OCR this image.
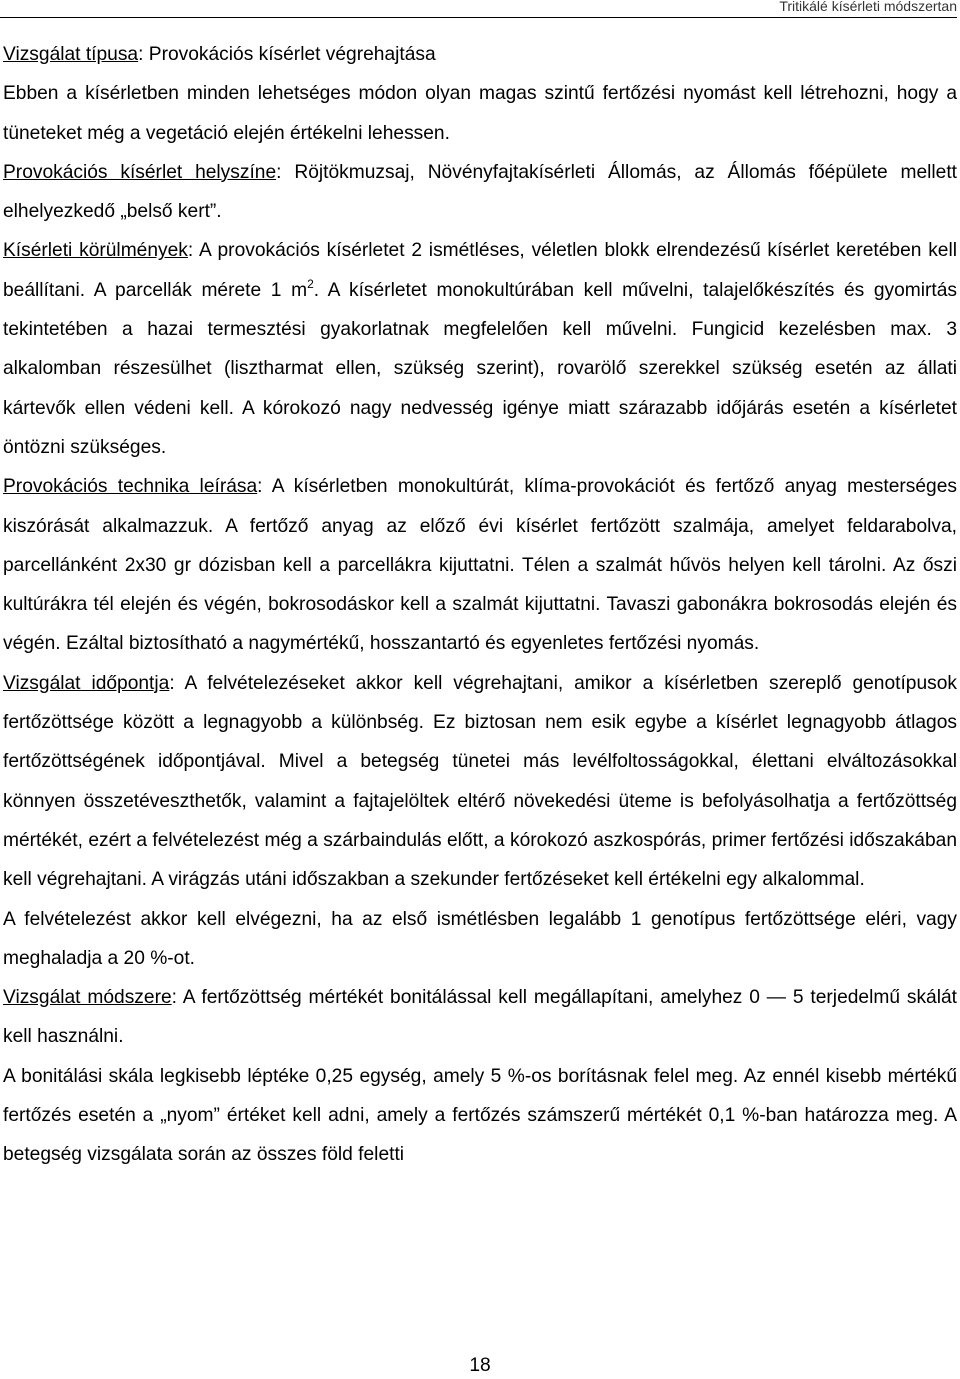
Tritikálé kísérleti módszertan

Vizsgálat típusa: Provokációs kísérlet végrehajtása

Ebben a kísérletben minden lehetséges módon olyan magas szintű fertőzési nyomást kell létrehozni, hogy a tüneteket még a vegetáció elején értékelni lehessen.

Provokációs kísérlet helyszíne: Röjtökmuzsaj, Növényfajtakísérleti Állomás, az Állomás főépülete mellett elhelyezkedő „belső kert”.

Kísérleti körülmények: A provokációs kísérletet 2 ismétléses, véletlen blokk elrendezésű kísérlet keretében kell beállítani. A parcellák mérete 1 $m^2$. A kísérletet monokultúrában kell művelni, talajelőkészítés és gyomirtás tekintetében a hazai termesztési gyakorlatnak megfelelően kell művelni. Fungicid kezelésben max. 3 alkalomban részesülhet (lisztharmat ellen, szükség szerint), rovarölő szerekkel szükség esetén az állati kártevők ellen védeni kell. A kórokozó nagy nedvesség igénye miatt szárazabb időjárás esetén a kísérletet öntözni szükséges.

Provokációs technika leírása: A kísérletben monokultúrát, klíma-provokációt és fertőző anyag mesterséges kiszórását alkalmazzuk. A fertőző anyag az előző évi kísérlet fertőzött szalmája, amelyet feldarabolva, parcellánként 2x30 gr dózisban kell a parcellákra kijuttatni. Télen a szalmát hűvös helyen kell tárolni. Az őszi kultúrákra tél elején és végén, bokrosodáskor kell a szalmát kijuttatni. Tavaszi gabonákra bokrosodás elején és végén. Ezáltal biztosítható a nagymértékű, hosszantartó és egyenletes fertőzési nyomás.

Vizsgálat időpontja: A felvételezéseket akkor kell végrehajtani, amikor a kísérletben szereplő genotípusok fertőzöttsége között a legnagyobb a különbség. Ez biztosan nem esik egybe a kísérlet legnagyobb átlagos fertőzöttségének időpontjával. Mivel a betegség tünetei más levélfoltosságokkal, élettani elváltozásokkal könnyen összetéveszthetők, valamint a fajtajelöltek eltérő növekedési üteme is befolyásolhatja a fertőzöttség mértékét, ezért a felvételezést még a szárbaindulás előtt, a kórokozó aszkospórás, primer fertőzési időszakában kell végrehajtani. A virágzás utáni időszakban a szekunder fertőzéseket kell értékelni egy alkalommal.

A felvételezést akkor kell elvégezni, ha az első ismétlésben legalább 1 genotípus fertőzöttsége eléri, vagy meghaladja a 20 %-ot.

Vizsgálat módszere: A fertőzöttség mértékét bonitálással kell megállapítani, amelyhez 0 — 5 terjedelmű skálát kell használni.

A bonitálási skála legkisebb léptéke 0,25 egység, amely 5 %-os borításnak felel meg. Az ennél kisebb mértékű fertőzés esetén a „nyom” értéket kell adni, amely a fertőzés számszerű mértékét 0,1 %-ban határozza meg. A betegség vizsgálata során az összes föld feletti

18
